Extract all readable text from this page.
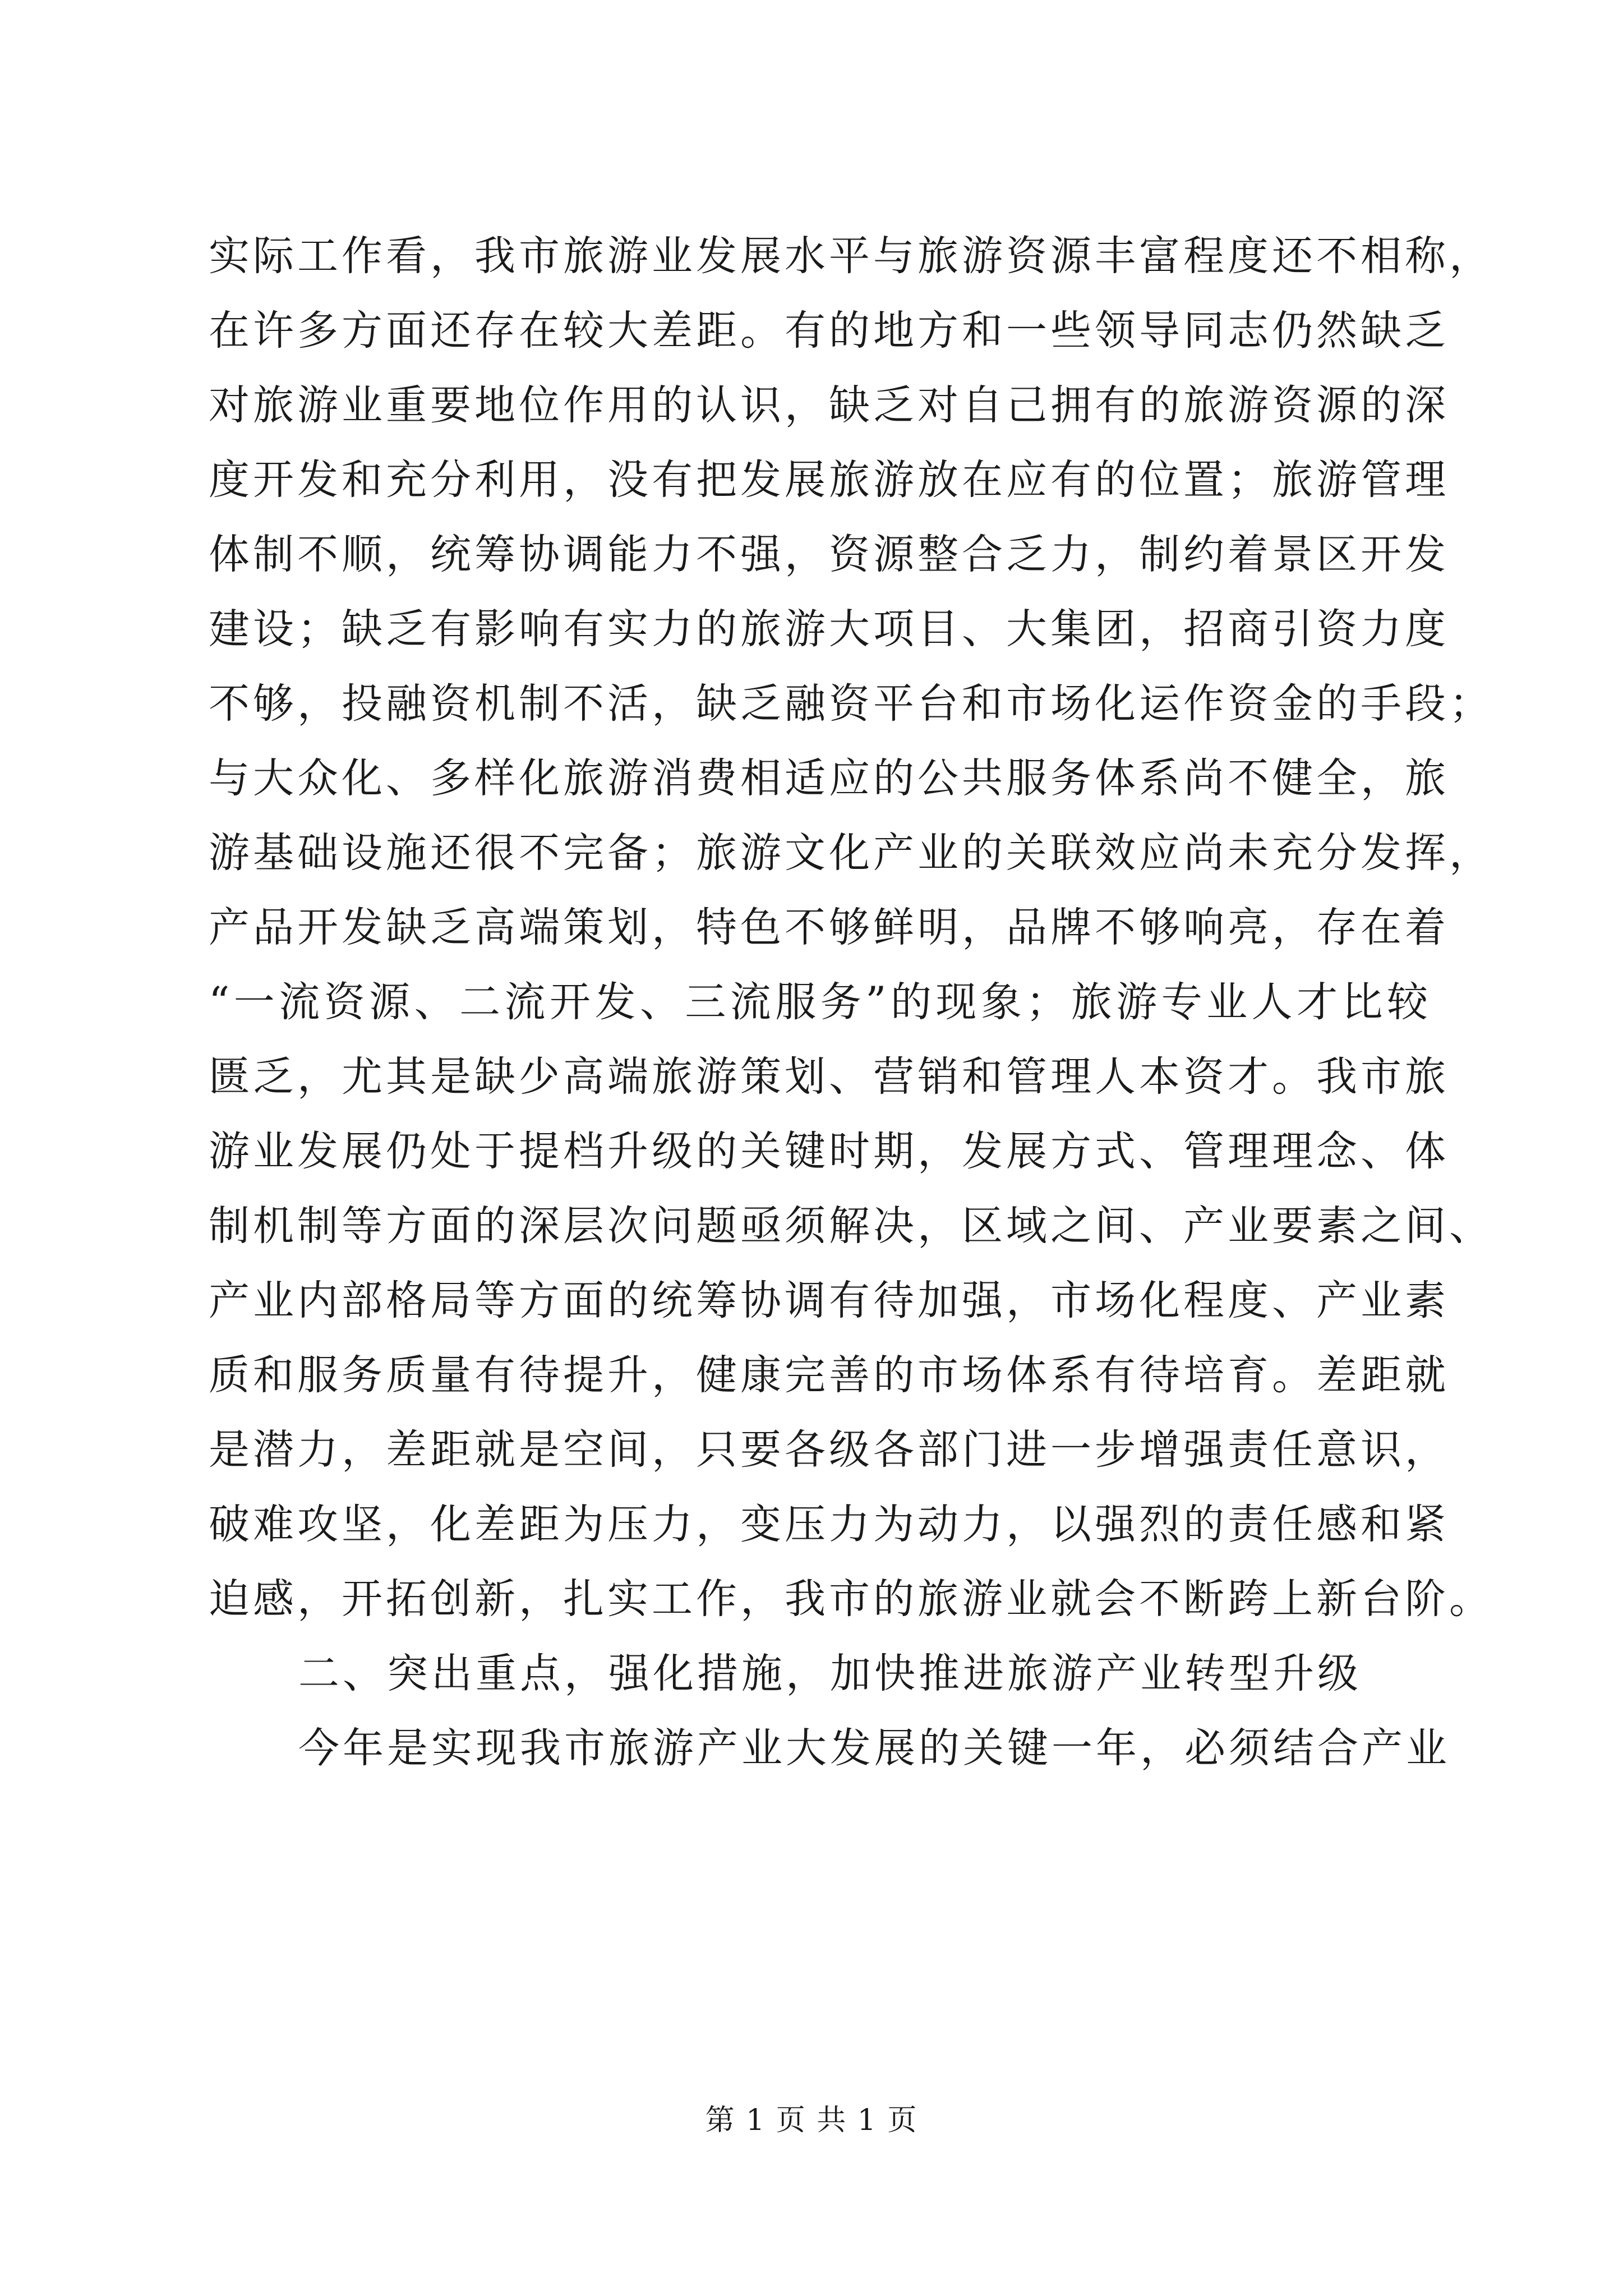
实际工作看，我市旅游业发展水平与旅游资源丰富程度还不相称，
在许多方面还存在较大差距。有的地方和一些领导同志仍然缺乏
对旅游业重要地位作用的认识，缺乏对自己拥有的旅游资源的深
度开发和充分利用，没有把发展旅游放在应有的位置；旅游管理
体制不顺，统筹协调能力不强，资源整合乏力，制约着景区开发
建设；缺乏有影响有实力的旅游大项目、大集团，招商引资力度
不够，投融资机制不活，缺乏融资平台和市场化运作资金的手段；
与大众化、多样化旅游消费相适应的公共服务体系尚不健全，旅
游基础设施还很不完备；旅游文化产业的关联效应尚未充分发挥，
产品开发缺乏高端策划，特色不够鲜明，品牌不够响亮，存在着
“一流资源、二流开发、三流服务”的现象；旅游专业人才比较
匮乏，尤其是缺少高端旅游策划、营销和管理人本资才。我市旅
游业发展仍处于提档升级的关键时期，发展方式、管理理念、体
制机制等方面的深层次问题亟须解决，区域之间、产业要素之间、
产业内部格局等方面的统筹协调有待加强，市场化程度、产业素
质和服务质量有待提升，健康完善的市场体系有待培育。差距就
是潜力，差距就是空间，只要各级各部门进一步增强责任意识，
破难攻坚，化差距为压力，变压力为动力，以强烈的责任感和紧
迫感，开拓创新，扎实工作，我市的旅游业就会不断跨上新台阶。
二、突出重点，强化措施，加快推进旅游产业转型升级
今年是实现我市旅游产业大发展的关键一年，必须结合产业
第 1 页 共 1 页
